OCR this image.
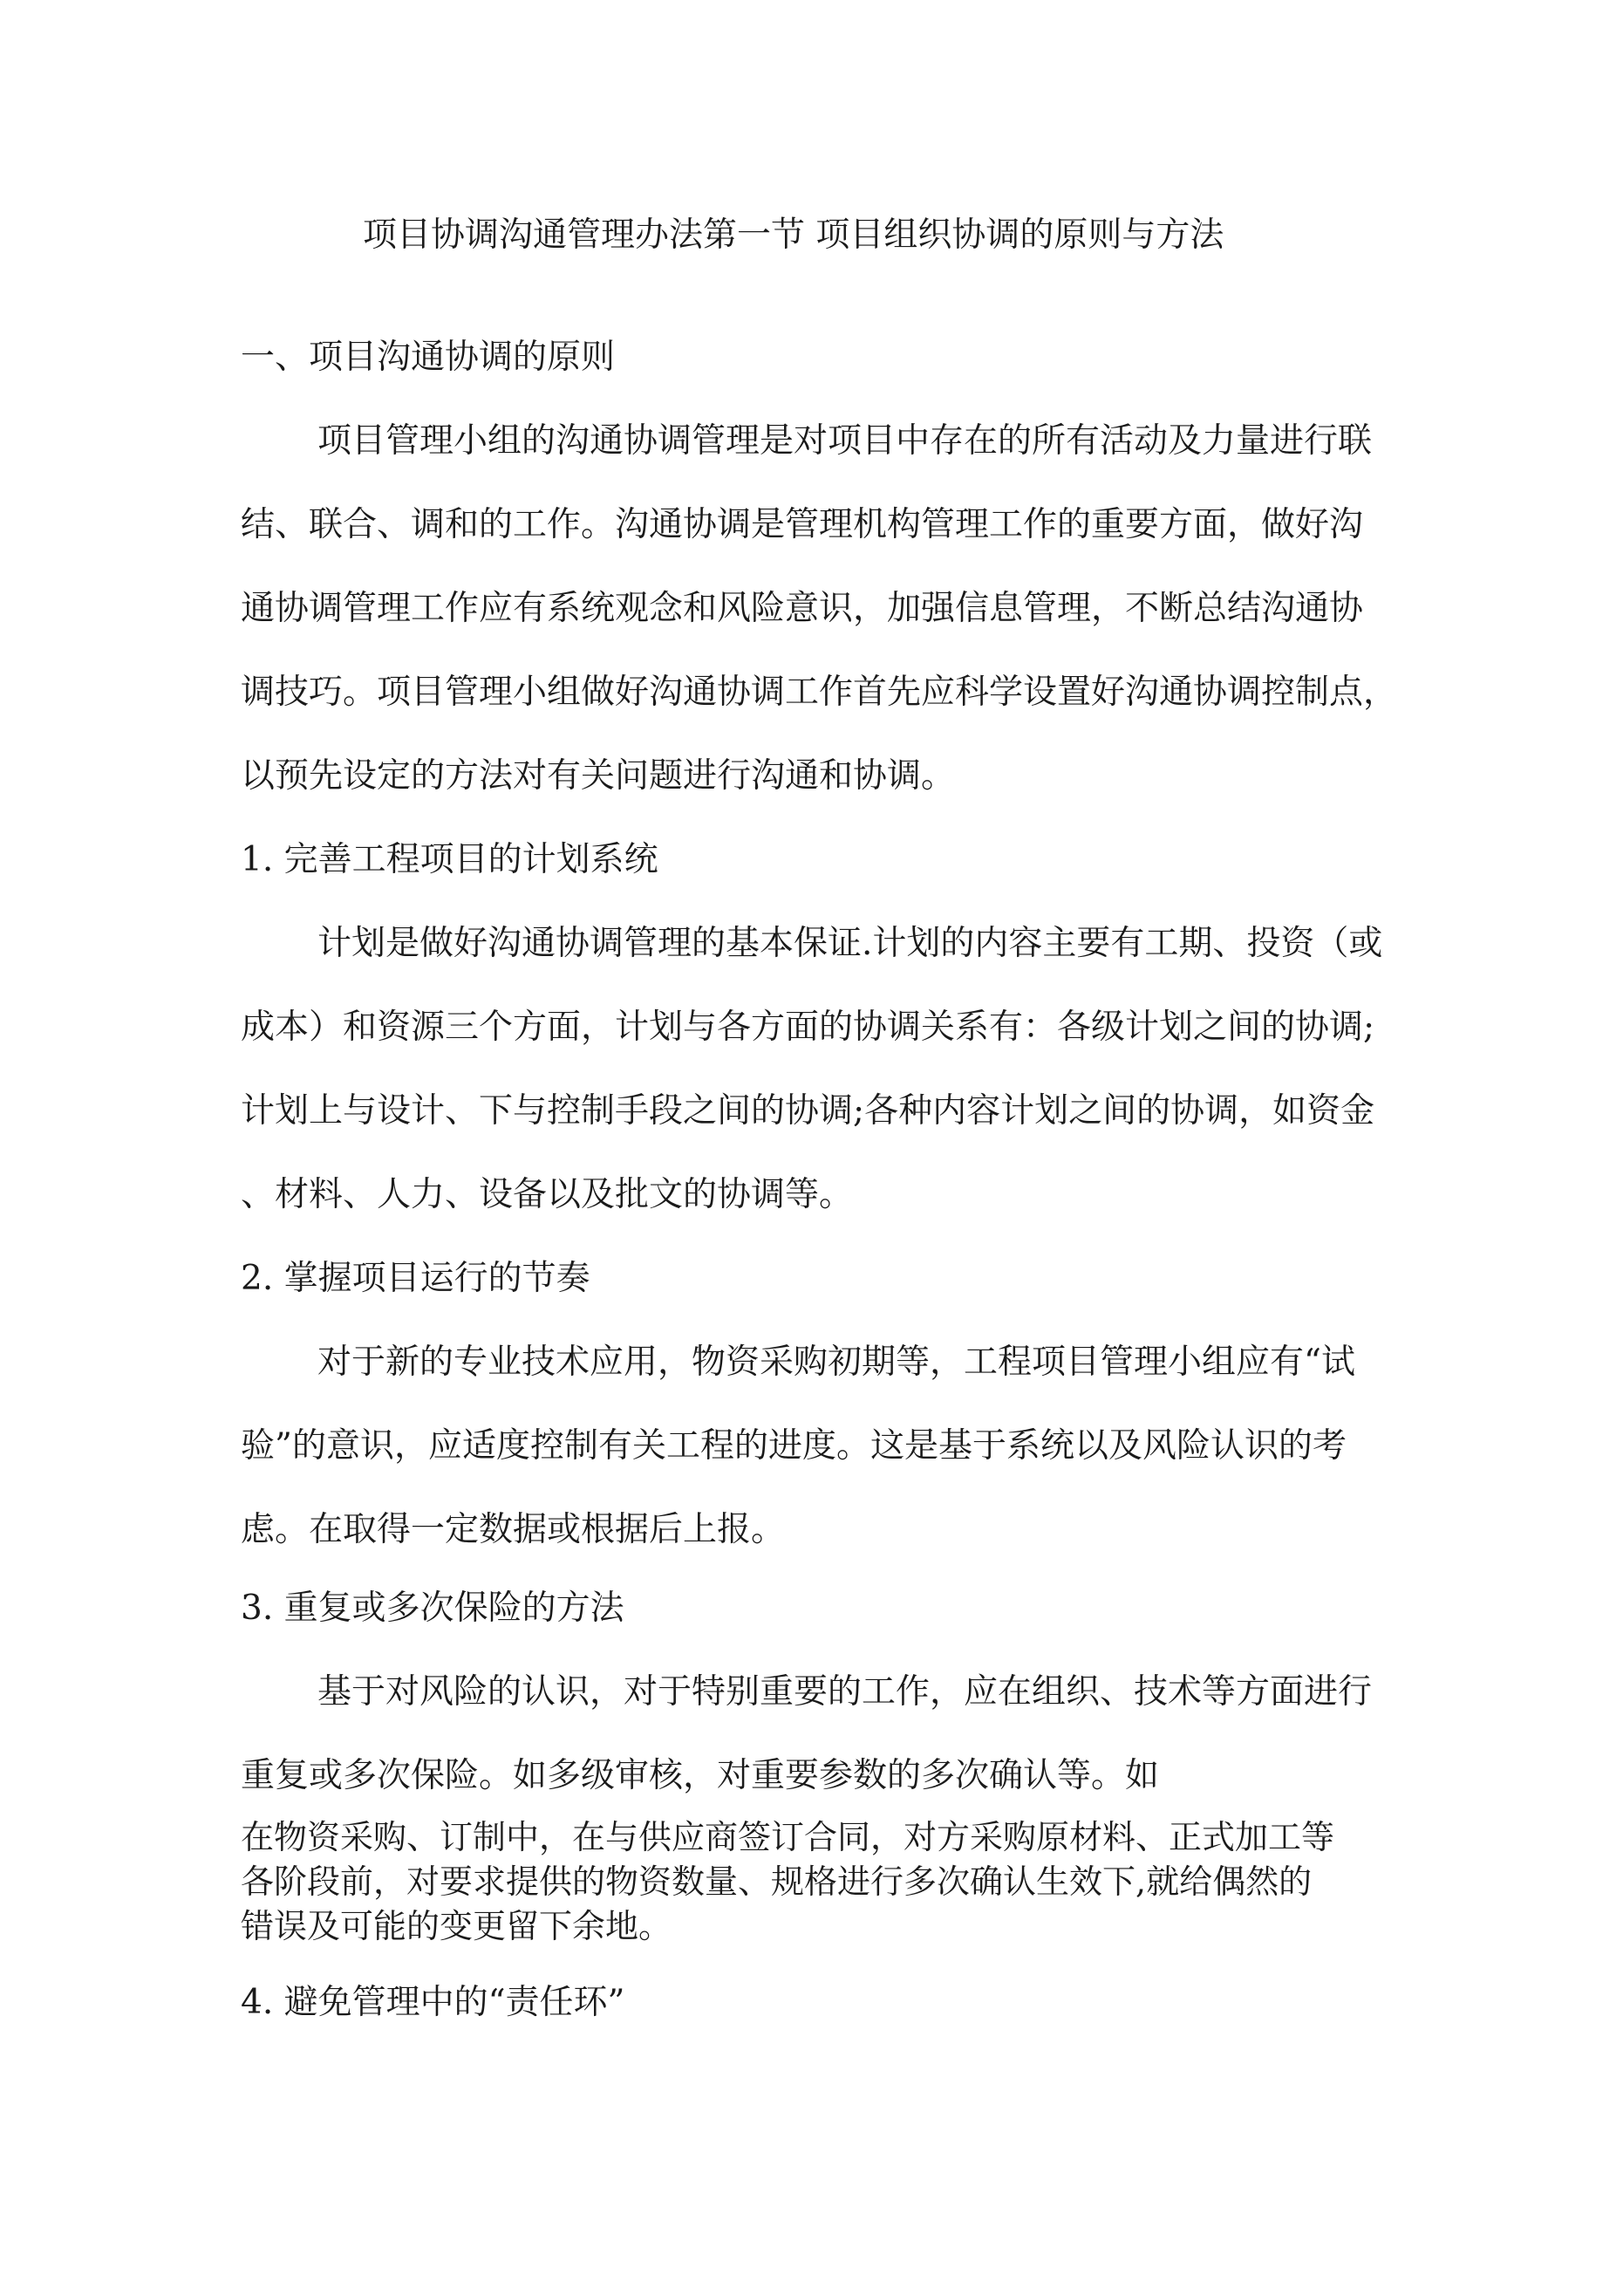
项目协调沟通管理办法第一节 项目组织协调的原则与方法

一、项目沟通协调的原则

项目管理小组的沟通协调管理是对项目中存在的所有活动及力量进行联

结、联合、调和的工作。沟通协调是管理机构管理工作的重要方面，做好沟

通协调管理工作应有系统观念和风险意识，加强信息管理，不断总结沟通协

调技巧。项目管理小组做好沟通协调工作首先应科学设置好沟通协调控制点，

以预先设定的方法对有关问题进行沟通和协调。

1. 完善工程项目的计划系统

计划是做好沟通协调管理的基本保证.计划的内容主要有工期、投资（或

成本）和资源三个方面，计划与各方面的协调关系有：各级计划之间的协调;

计划上与设计、下与控制手段之间的协调;各种内容计划之间的协调，如资金

、材料、人力、设备以及批文的协调等。

2. 掌握项目运行的节奏

对于新的专业技术应用，物资采购初期等，工程项目管理小组应有“试

验”的意识，应适度控制有关工程的进度。这是基于系统以及风险认识的考

虑。在取得一定数据或根据后上报。

3. 重复或多次保险的方法

基于对风险的认识，对于特别重要的工作，应在组织、技术等方面进行

重复或多次保险。如多级审核，对重要参数的多次确认等。如

在物资采购、订制中，在与供应商签订合同，对方采购原材料、正式加工等

各阶段前，对要求提供的物资数量、规格进行多次确认生效下,就给偶然的

错误及可能的变更留下余地。

4. 避免管理中的“责任环”
